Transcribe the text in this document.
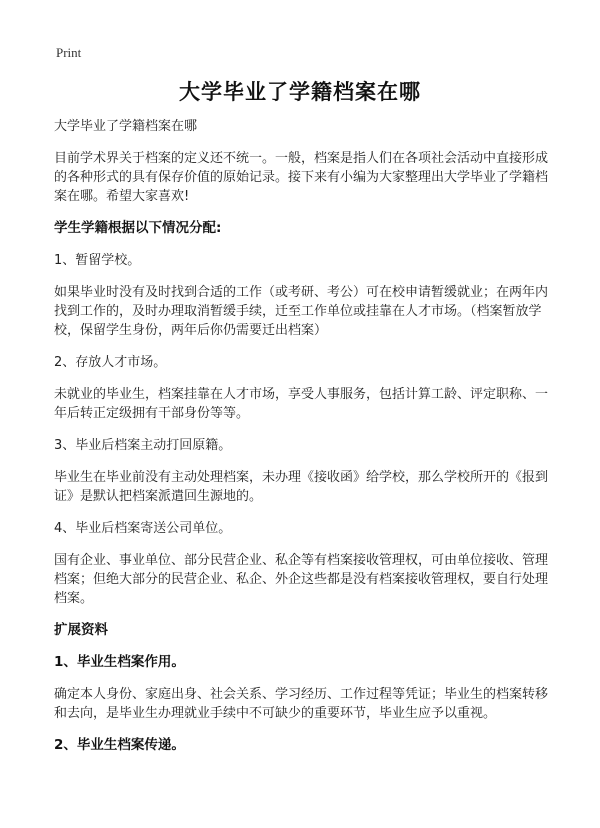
Print
大学毕业了学籍档案在哪

大学毕业了学籍档案在哪

目前学术界关于档案的定义还不统一。一般，档案是指人们在各项社会活动中直接形成的各种形式的具有保存价值的原始记录。接下来有小编为大家整理出大学毕业了学籍档案在哪。希望大家喜欢!

学生学籍根据以下情况分配:

1、暂留学校。

如果毕业时没有及时找到合适的工作（或考研、考公）可在校申请暂缓就业；在两年内找到工作的，及时办理取消暂缓手续，迁至工作单位或挂靠在人才市场。（档案暂放学校，保留学生身份，两年后你仍需要迁出档案）

2、存放人才市场。

未就业的毕业生，档案挂靠在人才市场，享受人事服务，包括计算工龄、评定职称、一年后转正定级拥有干部身份等等。

3、毕业后档案主动打回原籍。

毕业生在毕业前没有主动处理档案，未办理《接收函》给学校，那么学校所开的《报到证》是默认把档案派遣回生源地的。

4、毕业后档案寄送公司单位。

国有企业、事业单位、部分民营企业、私企等有档案接收管理权，可由单位接收、管理档案；但绝大部分的民营企业、私企、外企这些都是没有档案接收管理权，要自行处理档案。

扩展资料

1、毕业生档案作用。

确定本人身份、家庭出身、社会关系、学习经历、工作过程等凭证；毕业生的档案转移和去向，是毕业生办理就业手续中不可缺少的重要环节，毕业生应予以重视。

2、毕业生档案传递。
